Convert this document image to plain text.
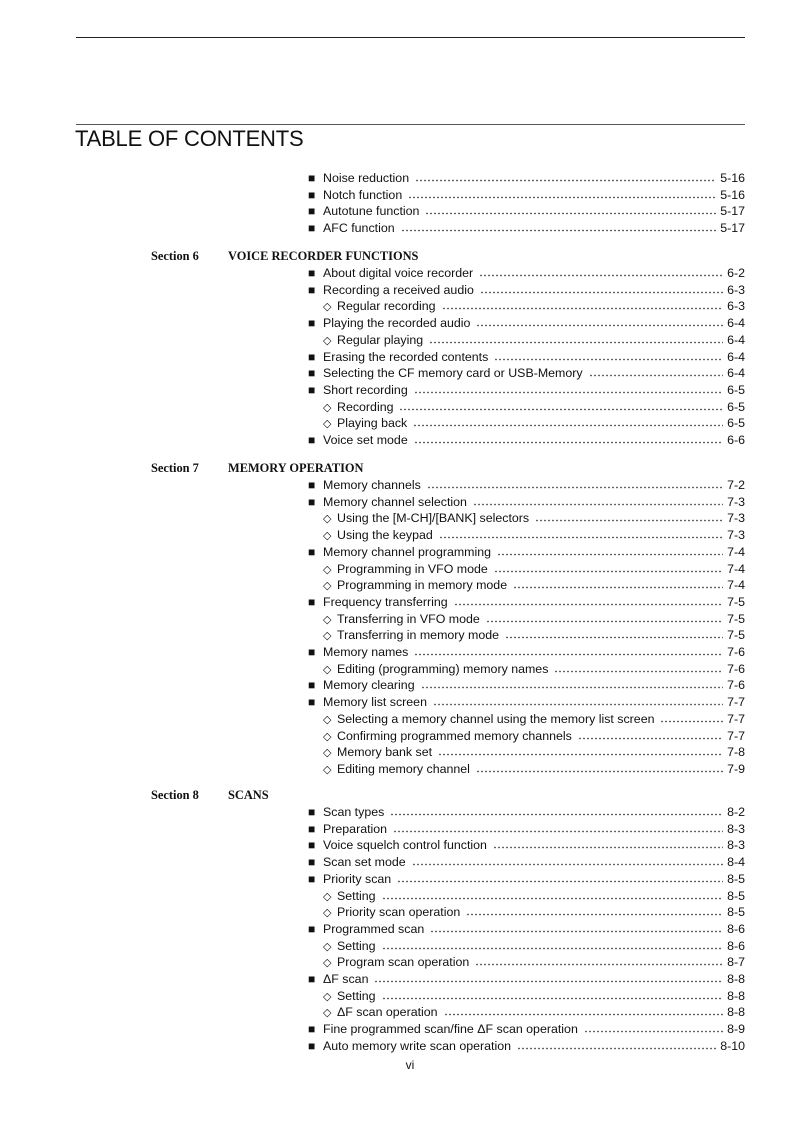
TABLE OF CONTENTS
■ Noise reduction	5-16
■ Notch function	5-16
■ Autotune function	5-17
■ AFC function	5-17
Section 6 VOICE RECORDER FUNCTIONS
■ About digital voice recorder	6-2
■ Recording a received audio	6-3
◇ Regular recording	6-3
■ Playing the recorded audio	6-4
◇ Regular playing	6-4
■ Erasing the recorded contents	6-4
■ Selecting the CF memory card or USB-Memory	6-4
■ Short recording	6-5
◇ Recording	6-5
◇ Playing back	6-5
■ Voice set mode	6-6
Section 7 MEMORY OPERATION
■ Memory channels	7-2
■ Memory channel selection	7-3
◇ Using the [M-CH]/[BANK] selectors	7-3
◇ Using the keypad	7-3
■ Memory channel programming	7-4
◇ Programming in VFO mode	7-4
◇ Programming in memory mode	7-4
■ Frequency transferring	7-5
◇ Transferring in VFO mode	7-5
◇ Transferring in memory mode	7-5
■ Memory names	7-6
◇ Editing (programming) memory names	7-6
■ Memory clearing	7-6
■ Memory list screen	7-7
◇ Selecting a memory channel using the memory list screen	7-7
◇ Confirming programmed memory channels	7-7
◇ Memory bank set	7-8
◇ Editing memory channel	7-9
Section 8 SCANS
■ Scan types	8-2
■ Preparation	8-3
■ Voice squelch control function	8-3
■ Scan set mode	8-4
■ Priority scan	8-5
◇ Setting	8-5
◇ Priority scan operation	8-5
■ Programmed scan	8-6
◇ Setting	8-6
◇ Program scan operation	8-7
■ ΔF scan	8-8
◇ Setting	8-8
◇ ΔF scan operation	8-8
■ Fine programmed scan/fine ΔF scan operation	8-9
■ Auto memory write scan operation	8-10
vi
